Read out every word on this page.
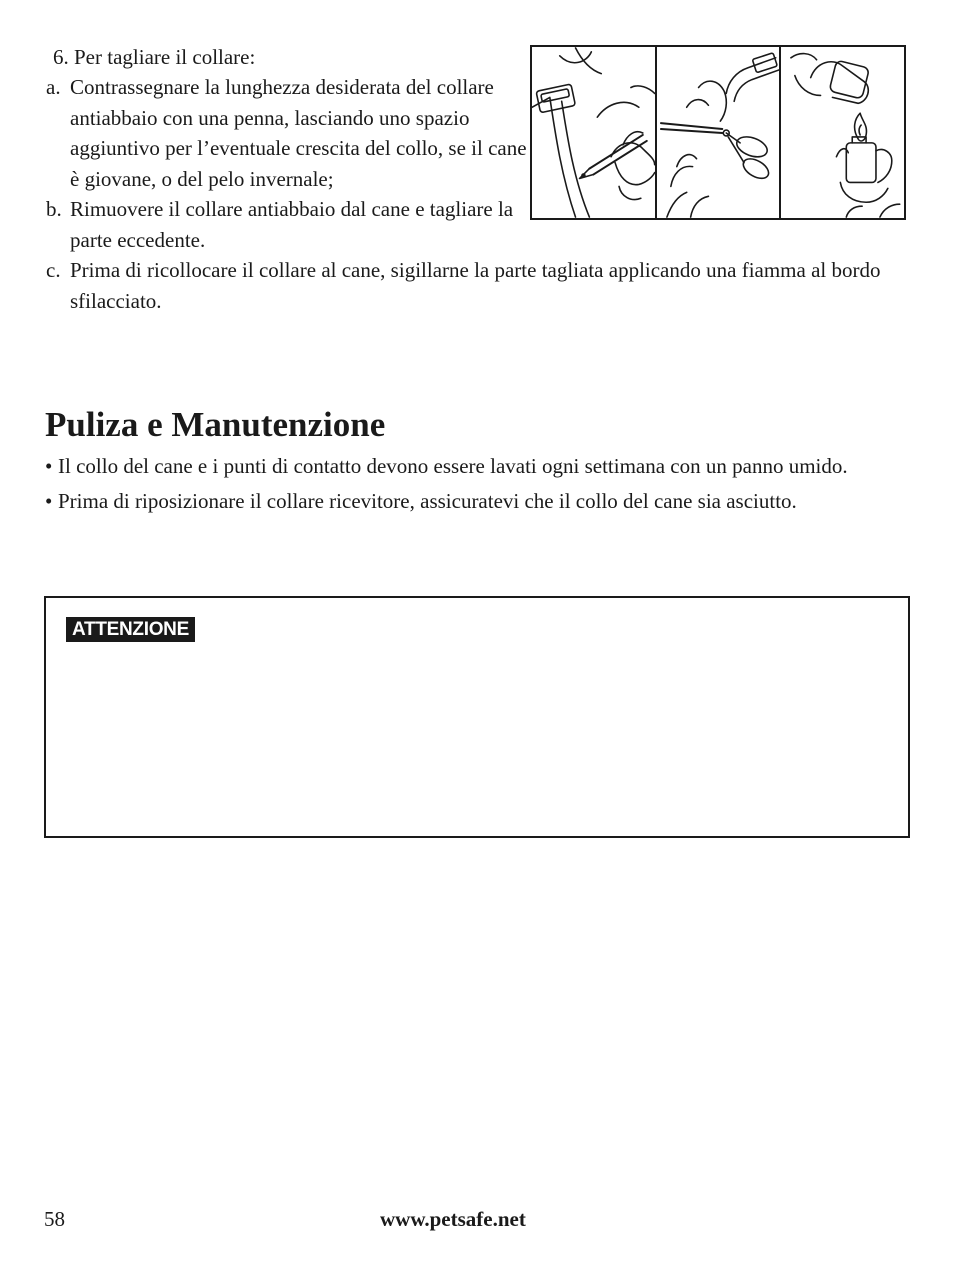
6. Per tagliare il collare:
a. Contrassegnare la lunghezza desiderata del collare antiabbaio con una penna, lasciando uno spazio aggiuntivo per l’eventuale crescita del collo, se il cane è giovane, o del pelo invernale;
b. Rimuovere il collare antiabbaio dal cane e tagliare la parte eccedente.
c. Prima di ricollocare il collare al cane, sigillarne la parte tagliata applicando una fiamma al bordo sfilacciato.
Puliza e Manutenzione
• Il collo del cane e i punti di contatto devono essere lavati ogni settimana con un panno umido.
• Prima di riposizionare il collare ricevitore, assicuratevi che il collo del cane sia asciutto.
ATTENZIONE
58	www.petsafe.net
